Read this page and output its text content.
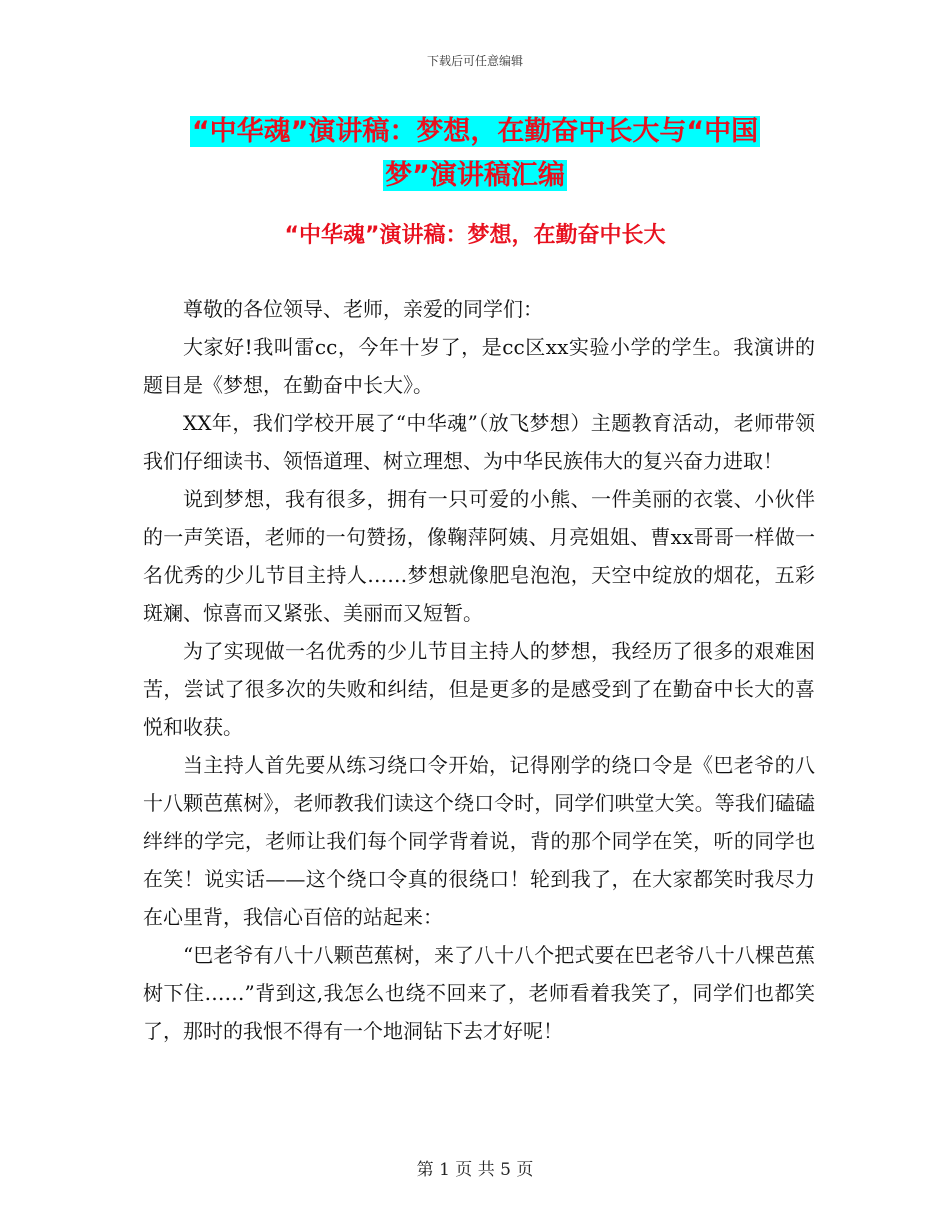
下载后可任意编辑
“中华魂”演讲稿：梦想，在勤奋中长大与“中国
梦”演讲稿汇编
“中华魂”演讲稿：梦想，在勤奋中长大

尊敬的各位领导、老师，亲爱的同学们：

大家好!我叫雷cc，今年十岁了，是cc区xx实验小学的学生。我演讲的题目是《梦想，在勤奋中长大》。

XX年，我们学校开展了“中华魂”（放飞梦想）主题教育活动，老师带领我们仔细读书、领悟道理、树立理想、为中华民族伟大的复兴奋力进取！

说到梦想，我有很多，拥有一只可爱的小熊、一件美丽的衣裳、小伙伴的一声笑语，老师的一句赞扬，像鞠萍阿姨、月亮姐姐、曹xx哥哥一样做一名优秀的少儿节目主持人……梦想就像肥皂泡泡，天空中绽放的烟花，五彩斑斓、惊喜而又紧张、美丽而又短暂。

为了实现做一名优秀的少儿节目主持人的梦想，我经历了很多的艰难困苦，尝试了很多次的失败和纠结，但是更多的是感受到了在勤奋中长大的喜悦和收获。

当主持人首先要从练习绕口令开始，记得刚学的绕口令是《巴老爷的八十八颗芭蕉树》，老师教我们读这个绕口令时，同学们哄堂大笑。等我们磕磕绊绊的学完，老师让我们每个同学背着说，背的那个同学在笑，听的同学也在笑！说实话——这个绕口令真的很绕口！轮到我了，在大家都笑时我尽力在心里背，我信心百倍的站起来：

“巴老爷有八十八颗芭蕉树，来了八十八个把式要在巴老爷八十八棵芭蕉树下住……”背到这,我怎么也绕不回来了，老师看着我笑了，同学们也都笑了，那时的我恨不得有一个地洞钻下去才好呢！

第 1 页 共 5 页
